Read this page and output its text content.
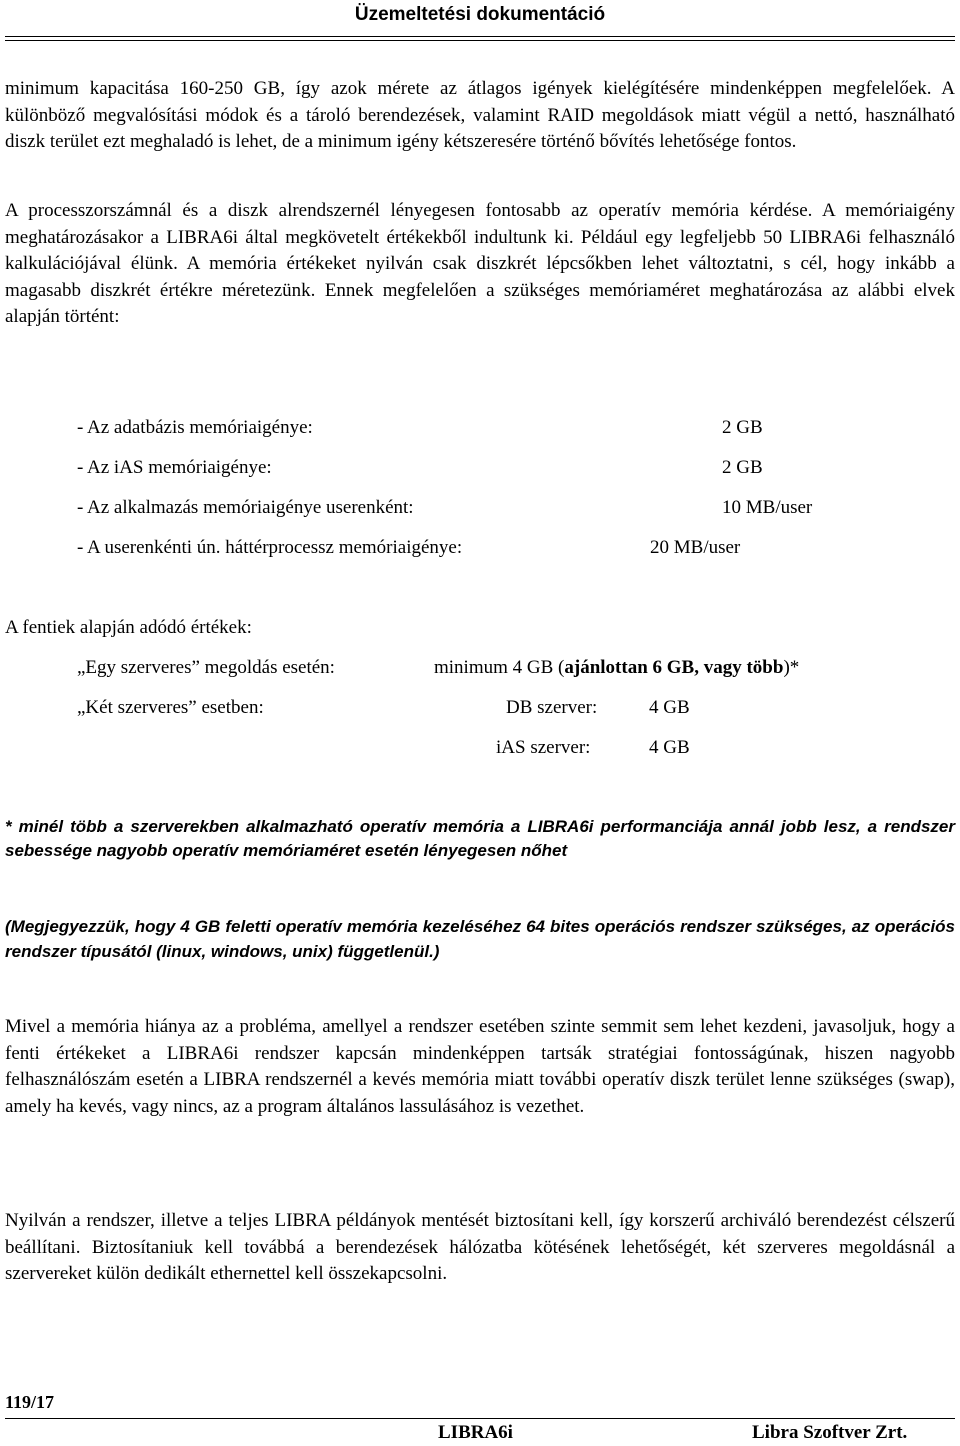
Üzemeltetési dokumentáció
minimum kapacitása 160-250 GB, így azok mérete az átlagos igények kielégítésére mindenképpen megfelelőek. A különböző megvalósítási módok és a tároló berendezések, valamint RAID megoldások miatt végül a nettó, használható diszk terület ezt meghaladó is lehet, de a minimum igény kétszeresére történő bővítés lehetősége fontos.
A processzorszámnál és a diszk alrendszernél lényegesen fontosabb az operatív memória kérdése. A memóriaigény meghatározásakor a LIBRA6i által megkövetelt értékekből indultunk ki. Például egy legfeljebb 50 LIBRA6i felhasználó kalkulációjával élünk. A memória értékeket nyilván csak diszkrét lépcsőkben lehet változtatni, s cél, hogy inkább a magasabb diszkrét értékre méretezünk. Ennek megfelelően a szükséges memóriaméret meghatározása az alábbi elvek alapján történt:
- Az adatbázis memóriaigénye:	2 GB
- Az iAS memóriaigénye:	2 GB
- Az alkalmazás memóriaigénye userenként:	10 MB/user
- A userenkénti ún. háttérprocessz memóriaigénye:	20 MB/user
A fentiek alapján adódó értékek:
„Egy szerveres” megoldás esetén:	minimum 4 GB (ajánlottan 6 GB, vagy több)*
„Két szerveres” esetben:	DB szerver:	4 GB
iAS szerver:	4 GB
* minél több a szerverekben alkalmazható operatív memória a LIBRA6i performanciája annál jobb lesz, a rendszer sebessége nagyobb operatív memóriaméret esetén lényegesen nőhet
(Megjegyezzük, hogy 4 GB feletti operatív memória kezeléséhez 64 bites operációs rendszer szükséges, az operációs rendszer típusától (linux, windows, unix) függetlenül.)
Mivel a memória hiánya az a probléma, amellyel a rendszer esetében szinte semmit sem lehet kezdeni, javasoljuk, hogy a fenti értékeket a LIBRA6i rendszer kapcsán mindenképpen tartsák stratégiai fontosságúnak, hiszen nagyobb felhasználószám esetén a LIBRA rendszernél a kevés memória miatt további operatív diszk terület lenne szükséges (swap), amely ha kevés, vagy nincs, az a program általános lassulásához is vezethet.
Nyilván a rendszer, illetve a teljes LIBRA példányok mentését biztosítani kell, így korszerű archiváló berendezést célszerű beállítani. Biztosítaniuk kell továbbá a berendezések hálózatba kötésének lehetőségét, két szerveres megoldásnál a szervereket külön dedikált ethernettel kell összekapcsolni.
119/17
LIBRA6i	Libra Szoftver Zrt.
